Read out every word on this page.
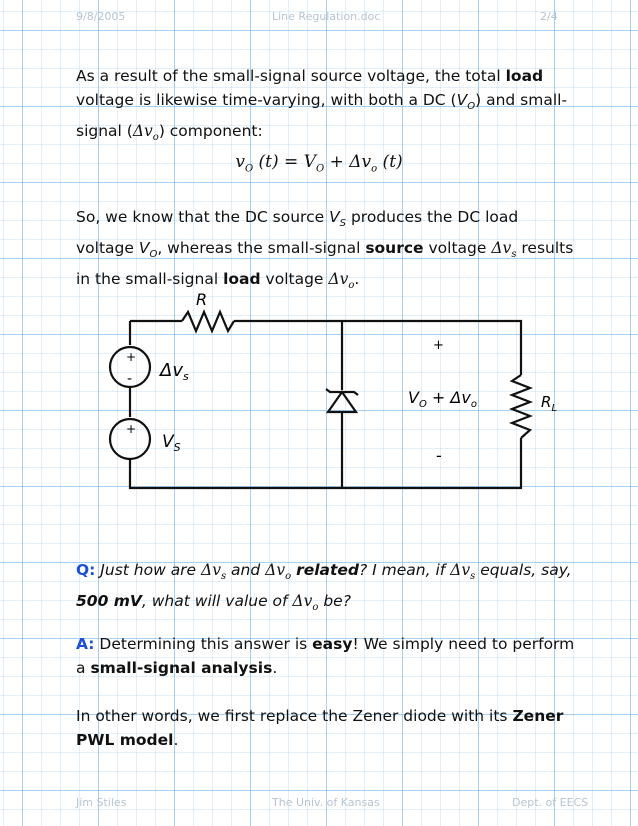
9/8/2005	Line Regulation.doc	2/4

As a result of the small-signal source voltage, the total load voltage is likewise time-varying, with both a DC $(V_O)$ and small-signal $(\Delta v_o)$ component:

$v_O$ $(t) = V_O + \Delta v_o$ (t)

So, we know that the DC source $V_S$ produces the DC load voltage $V_O$, whereas the small-signal source voltage $\Delta v_s$ results in the small-signal load voltage $\Delta v_o$.

R
+
-
+
-
$\Delta v_s$
$V_S$
+
-
$V_O + \Delta v_o$	$R_L$

Q: Just how are $\Delta v_s$ and $\Delta v_o$ related? I mean, if $\Delta v_s$ equals, say, 500 mV, what will value of $\Delta v_o$ be?

A: Determining this answer is easy! We simply need to perform a small-signal analysis.

In other words, we first replace the Zener diode with its Zener PWL model.

Jim Stiles	The Univ. of Kansas	Dept. of EECS
